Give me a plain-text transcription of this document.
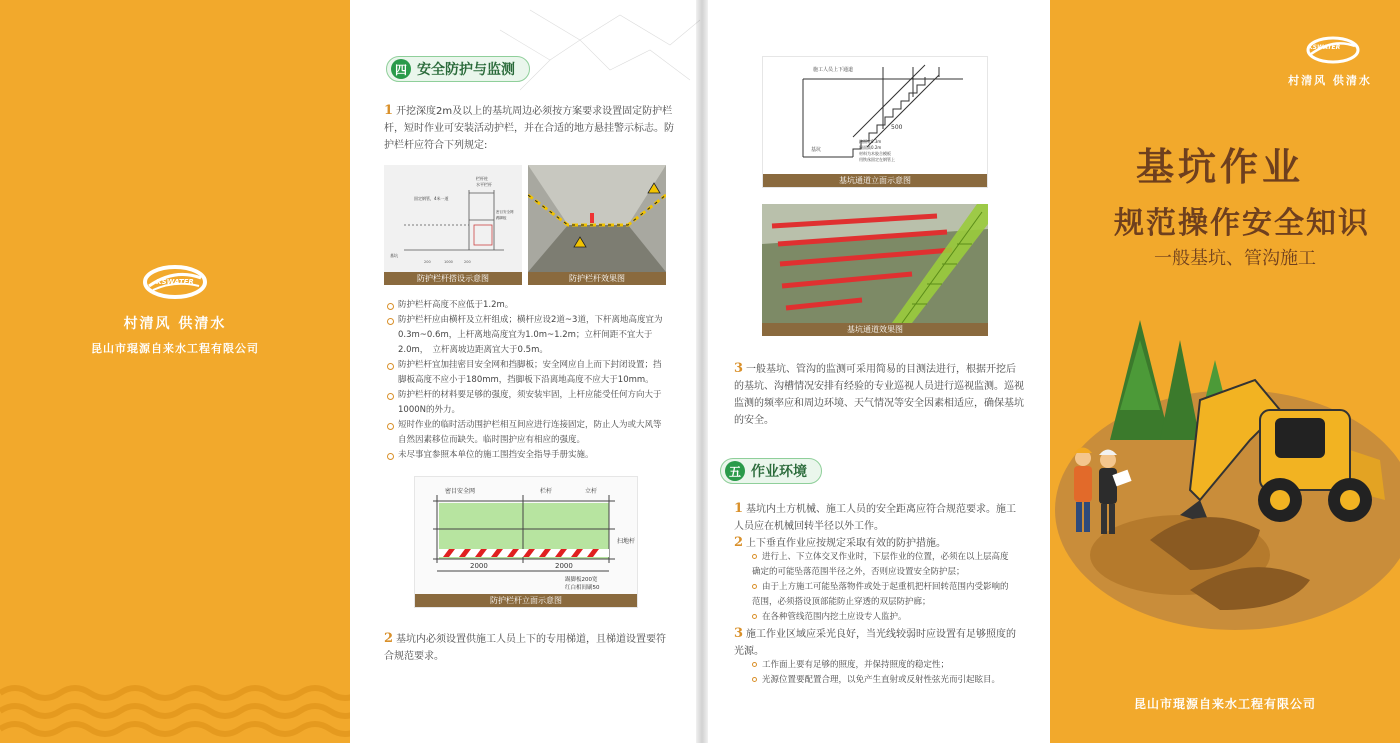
KSWATER
村清风 供清水
昆山市琨源自来水工程有限公司
四 安全防护与监测
1 开挖深度2m及以上的基坑周边必须按方案要求设置固定防护栏杆，短时作业可安装活动护栏，并在合适的地方悬挂警示标志。防护栏杆应符合下列规定:
栏杆柱
水平栏杆
固定钢管，4米一道
密目安全网
踢脚板
基坑
200	1000	200
防护栏杆搭设示意图	防护栏杆效果图
防护栏杆高度不应低于1.2m。
防护栏杆应由横杆及立杆组成；横杆应设2道~3道，下杆离地高度宜为0.3m~0.6m，上杆离地高度宜为1.0m~1.2m；立杆间距不宜大于2.0m，　立杆离坡边距离宜大于0.5m。
防护栏杆宜加挂密目安全网和挡脚板；安全网应自上而下封闭设置；挡脚板高度不应小于180mm，挡脚板下沿离地高度不应大于10mm。
防护栏杆的材料要足够的强度，须安装牢固，上杆应能受任何方向大于1000N的外力。
短时作业的临时活动围护栏相互间应进行连接固定，防止人为或大风等自然因素移位而缺失。临时围护应有相应的强度。
未尽事宜参照本单位的施工围挡安全指导手册实施。
密目安全网	栏杆	立杆
扫地杆
2000	2000
踢脚板200宽
红白相间刷50
防护栏杆立面示意图
2 基坑内必须设置供施工人员上下的专用梯道，且梯道设置要符合规范要求。
施工人员上下通道
基坑
500
踏面宽0.3m
踢面高0.2m
材料为木胶合模板
用铁丝固定在钢管上
基坑通道立面示意图
基坑通道效果图
3 一般基坑、管沟的监测可采用简易的目测法进行，根据开挖后的基坑、沟槽情况安排有经验的专业巡视人员进行巡视监测。巡视监测的频率应和周边环境、天气情况等安全因素相适应，确保基坑的安全。
五 作业环境
1 基坑内土方机械、施工人员的安全距离应符合规范要求。施工人员应在机械回转半径以外工作。
2 上下垂直作业应按规定采取有效的防护措施。
进行上、下立体交叉作业时，下层作业的位置，必须在以上层高度确定的可能坠落范围半径之外，否则应设置安全防护层；
由于上方施工可能坠落物件或处于起重机把杆回转范围内受影响的范围，必须搭设顶部能防止穿透的双层防护廊；
在各种管线范围内挖土应设专人监护。
3 施工作业区域应采光良好，当光线较弱时应设置有足够照度的光源。
工作面上要有足够的照度，并保持照度的稳定性；
光源位置要配置合理，以免产生直射或反射性弦光而引起眩目。
KSWATER
村清风 供清水
基坑作业
规范操作安全知识
一般基坑、管沟施工
昆山市琨源自来水工程有限公司
